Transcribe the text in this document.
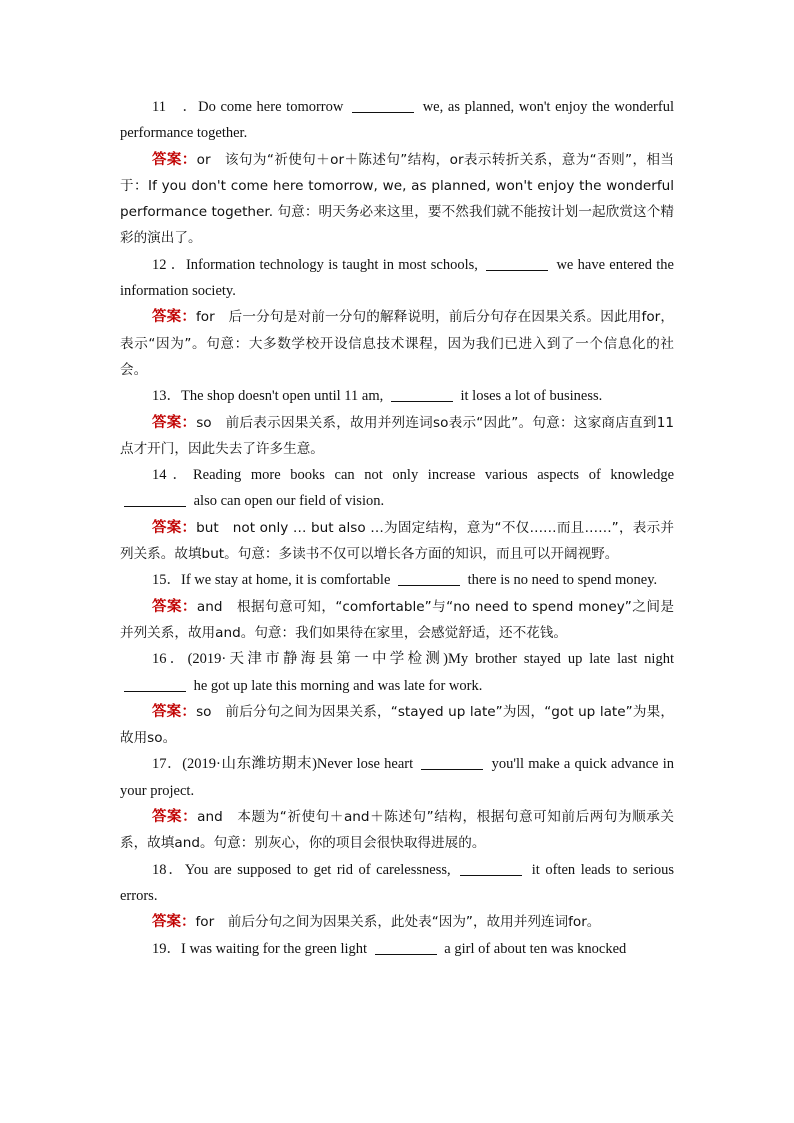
11　．Do come here tomorrow	we, as planned, won't enjoy the wonderful performance together.

答案：or　该句为“祈使句＋or＋陈述句”结构，or表示转折关系，意为“否则”，相当于：If you don't come here tomorrow, we, as planned, won't enjoy the wonderful performance together. 句意：明天务必来这里，要不然我们就不能按计划一起欣赏这个精彩的演出了。

12 ．Information technology is taught in most schools,	we have entered the information society.

答案：for　后一分句是对前一分句的解释说明，前后分句存在因果关系。因此用for，表示“因为”。句意：大多数学校开设信息技术课程，因为我们已进入到了一个信息化的社会。

13．The shop doesn't open until 11 am,	it loses a lot of business.

答案：so　前后表示因果关系，故用并列连词so表示“因此”。句意：这家商店直到11点才开门，因此失去了许多生意。

14．Reading more books can not only increase various aspects of knowledge  also can open our field of vision.

答案：but　not only … but also …为固定结构，意为“不仅……而且……”，表示并列关系。故填but。句意：多读书不仅可以增长各方面的知识，而且可以开阔视野。

15．If we stay at home, it is comfortable	there is no need to spend money.

答案：and　根据句意可知，“comfortable”与“no need to spend money”之间是并列关系，故用and。句意：我们如果待在家里，会感觉舒适，还不花钱。

16．(2019·天津市静海县第一中学检测)My brother stayed up late last night  he got up late this morning and was late for work.

答案：so　前后分句之间为因果关系，“stayed up late”为因，“got up late”为果，故用so。

17．(2019·山东潍坊期末)Never lose heart	you'll make a quick advance in your project.

答案：and　本题为“祈使句＋and＋陈述句”结构，根据句意可知前后两句为顺承关系，故填and。句意：别灰心，你的项目会很快取得进展的。

18．You are supposed to get rid of carelessness,	it often leads to serious errors.

答案：for　前后分句之间为因果关系，此处表“因为”，故用并列连词for。

19．I was waiting for the green light	a girl of about ten was knocked
